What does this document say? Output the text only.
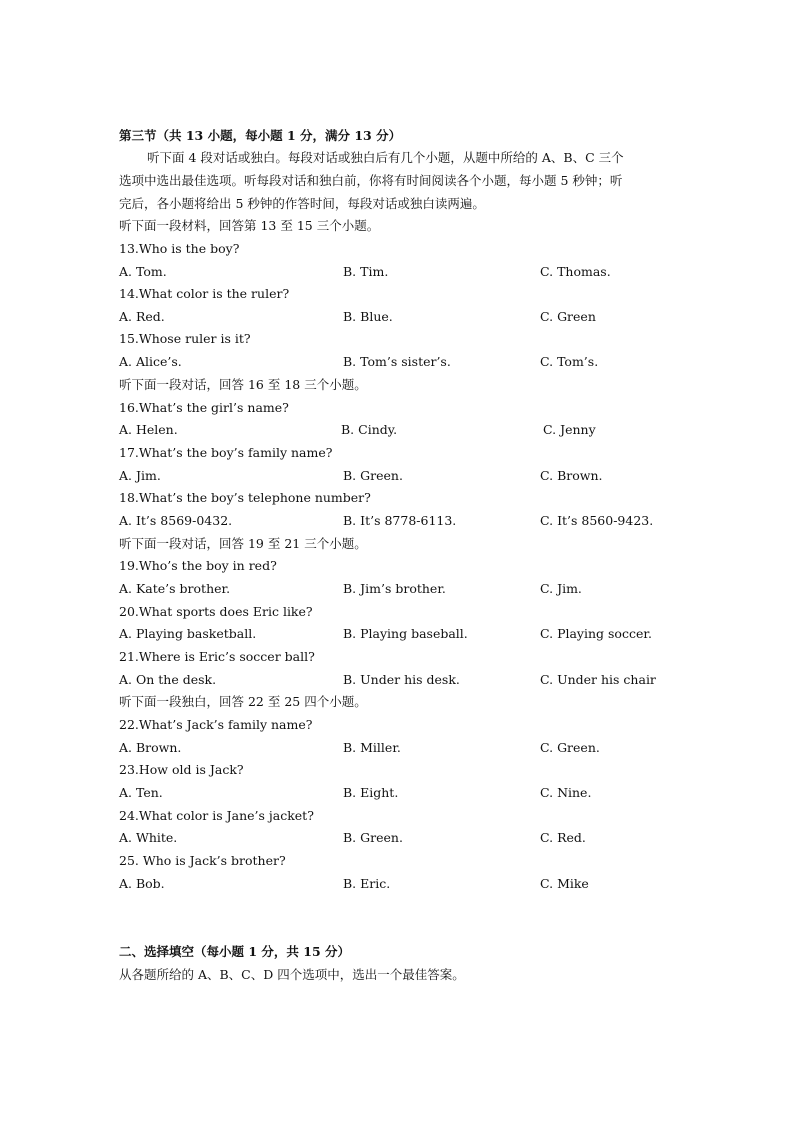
第三节（共 13 小题，每小题 1 分，满分 13 分）
听下面 4 段对话或独白。每段对话或独白后有几个小题，从题中所给的 A、B、C 三个
选项中选出最佳选项。听每段对话和独白前，你将有时间阅读各个小题，每小题 5 秒钟；听
完后，各小题将给出 5 秒钟的作答时间，每段对话或独白读两遍。
听下面一段材料，回答第 13 至 15 三个小题。
13.Who is the boy?
A. Tom.	B. Tim.	C. Thomas.
14.What color is the ruler?
A. Red.	B. Blue.	C. Green
15.Whose ruler is it?
A. Alice’s.	B. Tom’s sister’s.	C. Tom’s.
听下面一段对话，回答 16 至 18 三个小题。
16.What’s the girl’s name?
A. Helen.	B. Cindy.	C. Jenny
17.What’s the boy’s family name?
A. Jim.	B. Green.	C. Brown.
18.What’s the boy’s telephone number?
A. It’s 8569-0432.	B. It’s 8778-6113.	C. It’s 8560-9423.
听下面一段对话，回答 19 至 21 三个小题。
19.Who’s the boy in red?
A. Kate’s brother.	B. Jim’s brother.	C. Jim.
20.What sports does Eric like?
A. Playing basketball.	B. Playing baseball.	C. Playing soccer.
21.Where is Eric’s soccer ball?
A. On the desk.	B. Under his desk.	C. Under his chair
听下面一段独白，回答 22 至 25 四个小题。
22.What’s Jack’s family name?
A. Brown.	B. Miller.	C. Green.
23.How old is Jack?
A. Ten.	B. Eight.	C. Nine.
24.What color is Jane’s jacket?
A. White.	B. Green.	C. Red.
25. Who is Jack’s brother?
A. Bob.	B. Eric.	C. Mike
二、选择填空（每小题 1 分，共 15 分）
从各题所给的 A、B、C、D 四个选项中，选出一个最佳答案。
